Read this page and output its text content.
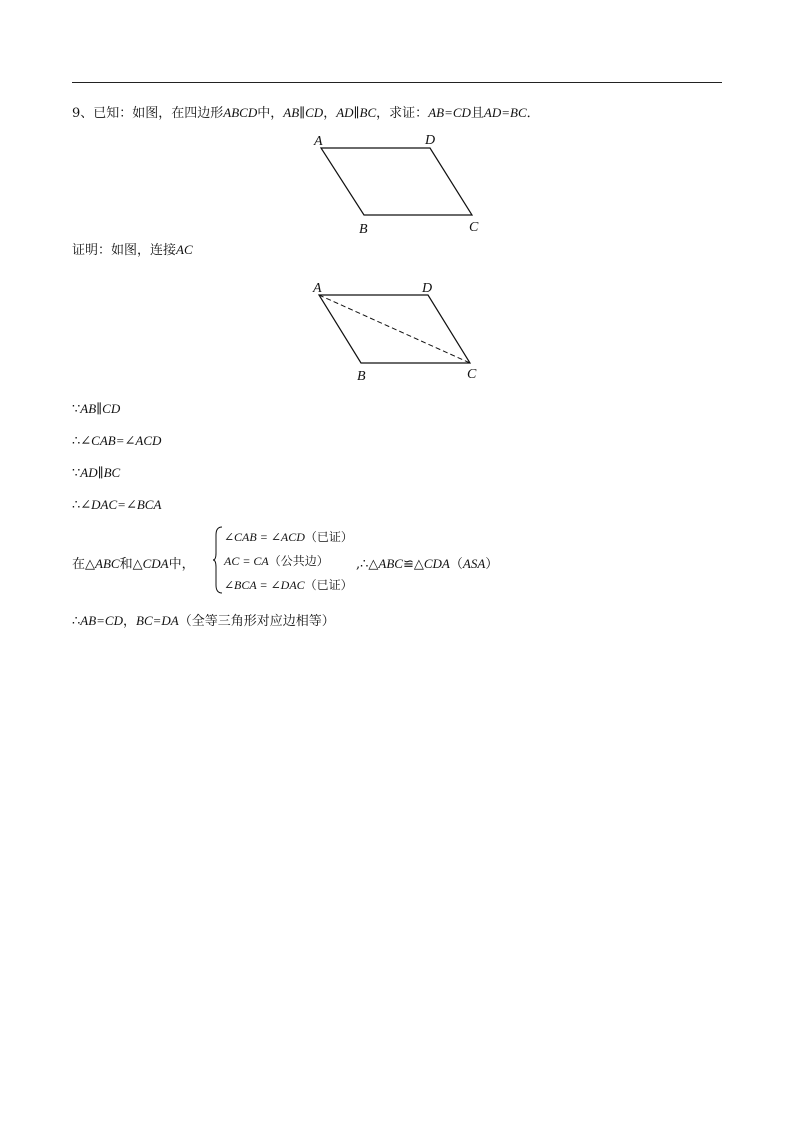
9、已知：如图，在四边形ABCD中，AB∥CD，AD∥BC，求证：AB=CD且AD=BC．
A	D
B	C
证明：如图，连接AC
A	D
B	C
∵AB∥CD
∴∠CAB=∠ACD
∵AD∥BC
∴∠DAC=∠BCA
在△ABC和△CDA中，
∠CAB = ∠ACD（已证）
AC = CA（公共边）
∠BCA = ∠DAC（已证）
,∴△ABC≌△CDA（ASA）
∴AB=CD，BC=DA（全等三角形对应边相等）
